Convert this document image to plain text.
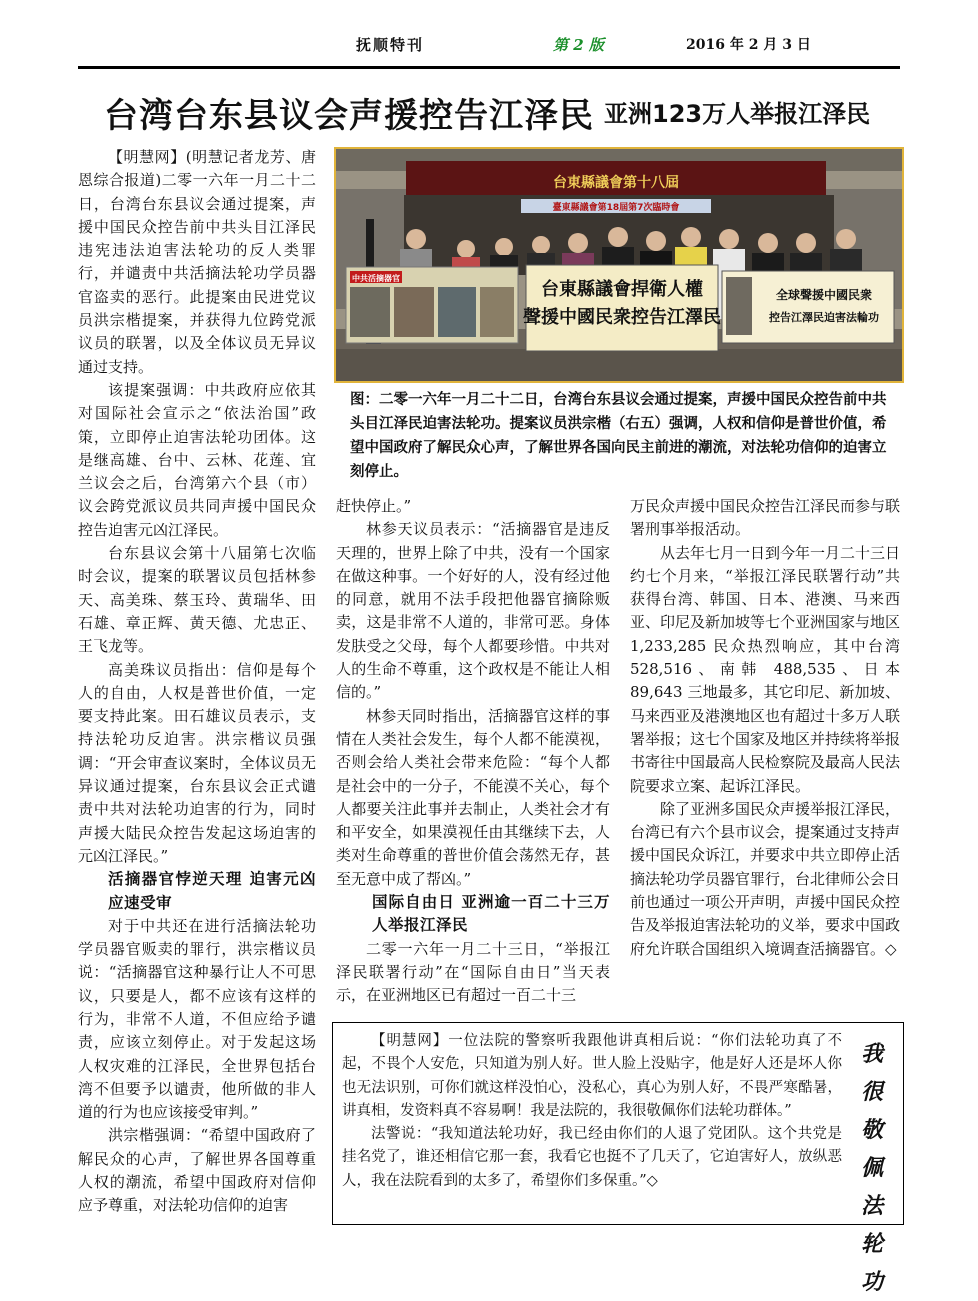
抚顺特刊	第 2 版	2016 年 2 月 3 日
台湾台东县议会声援控告江泽民 亚洲123万人举报江泽民
台東縣議會第十八屆
臺東縣議會第18屆第7次臨時會
中共活摘器官
台東縣議會捍衛人權
聲援中國民衆控告江澤民
全球聲援中國民衆
控告江澤民迫害法輪功
图：二零一六年一月二十二日，台湾台东县议会通过提案，声援中国民众控告前中共头目江泽民迫害法轮功。提案议员洪宗楷（右五）强调，人权和信仰是普世价值，希望中国政府了解民众心声，了解世界各国向民主前进的潮流，对法轮功信仰的迫害立刻停止。

【明慧网】(明慧记者龙芳、唐恩综合报道)二零一六年一月二十二日，台湾台东县议会通过提案，声援中国民众控告前中共头目江泽民违宪违法迫害法轮功的反人类罪行，并谴责中共活摘法轮功学员器官盗卖的恶行。此提案由民进党议员洪宗楷提案，并获得九位跨党派议员的联署，以及全体议员无异议通过支持。

该提案强调：中共政府应依其对国际社会宣示之“依法治国”政策，立即停止迫害法轮功团体。这是继高雄、台中、云林、花莲、宜兰议会之后，台湾第六个县（市）议会跨党派议员共同声援中国民众控告迫害元凶江泽民。

台东县议会第十八届第七次临时会议，提案的联署议员包括林参天、高美珠、蔡玉玲、黄瑞华、田石雄、章正辉、黄天德、尤忠正、王飞龙等。

高美珠议员指出：信仰是每个人的自由，人权是普世价值，一定要支持此案。田石雄议员表示，支持法轮功反迫害。洪宗楷议员强调：“开会审查议案时，全体议员无异议通过提案，台东县议会正式谴责中共对法轮功迫害的行为，同时声援大陆民众控告发起这场迫害的元凶江泽民。”

活摘器官悖逆天理 迫害元凶应速受审

对于中共还在进行活摘法轮功学员器官贩卖的罪行，洪宗楷议员说：“活摘器官这种暴行让人不可思议，只要是人，都不应该有这样的行为，非常不人道，不但应给予谴责，应该立刻停止。对于发起这场人权灾难的江泽民，全世界包括台湾不但要予以谴责，他所做的非人道的行为也应该接受审判。”

洪宗楷强调：“希望中国政府了解民众的心声，了解世界各国尊重人权的潮流，希望中国政府对信仰应予尊重，对法轮功信仰的迫害

赶快停止。”

林参天议员表示：“活摘器官是违反天理的，世界上除了中共，没有一个国家在做这种事。一个好好的人，没有经过他的同意，就用不法手段把他器官摘除贩卖，这是非常不人道的，非常可恶。身体发肤受之父母，每个人都要珍惜。中共对人的生命不尊重，这个政权是不能让人相信的。”

林参天同时指出，活摘器官这样的事情在人类社会发生，每个人都不能漠视，否则会给人类社会带来危险：“每个人都是社会中的一分子，不能漠不关心，每个人都要关注此事并去制止，人类社会才有和平安全，如果漠视任由其继续下去，人类对生命尊重的普世价值会荡然无存，甚至无意中成了帮凶。”

国际自由日 亚洲逾一百二十三万人举报江泽民

二零一六年一月二十三日，“举报江泽民联署行动”在“国际自由日”当天表示，在亚洲地区已有超过一百二十三

万民众声援中国民众控告江泽民而参与联署刑事举报活动。

从去年七月一日到今年一月二十三日约七个月来，“举报江泽民联署行动”共获得台湾、韩国、日本、港澳、马来西亚、印尼及新加坡等七个亚洲国家与地区 1,233,285 民众热烈响应，其中台湾 528,516、南韩 488,535、日本 89,643 三地最多，其它印尼、新加坡、马来西亚及港澳地区也有超过十多万人联署举报；这七个国家及地区并持续将举报书寄往中国最高人民检察院及最高人民法院要求立案、起诉江泽民。

除了亚洲多国民众声援举报江泽民，台湾已有六个县市议会，提案通过支持声援中国民众诉江，并要求中共立即停止活摘法轮功学员器官罪行，台北律师公会日前也通过一项公开声明，声援中国民众控告及举报迫害法轮功的义举，要求中国政府允许联合国组织入境调查活摘器官。◇

【明慧网】一位法院的警察听我跟他讲真相后说：“你们法轮功真了不起，不畏个人安危，只知道为别人好。世人脸上没贴字，他是好人还是坏人你也无法识别，可你们就这样没怕心，没私心，真心为别人好，不畏严寒酷暑，讲真相，发资料真不容易啊！我是法院的，我很敬佩你们法轮功群体。”

法警说：“我知道法轮功好，我已经由你们的人退了党团队。这个共党是挂名党了，谁还相信它那一套，我看它也挺不了几天了，它迫害好人，放纵恶人，我在法院看到的太多了，希望你们多保重。”◇

我
很
敬
佩
法
轮
功
